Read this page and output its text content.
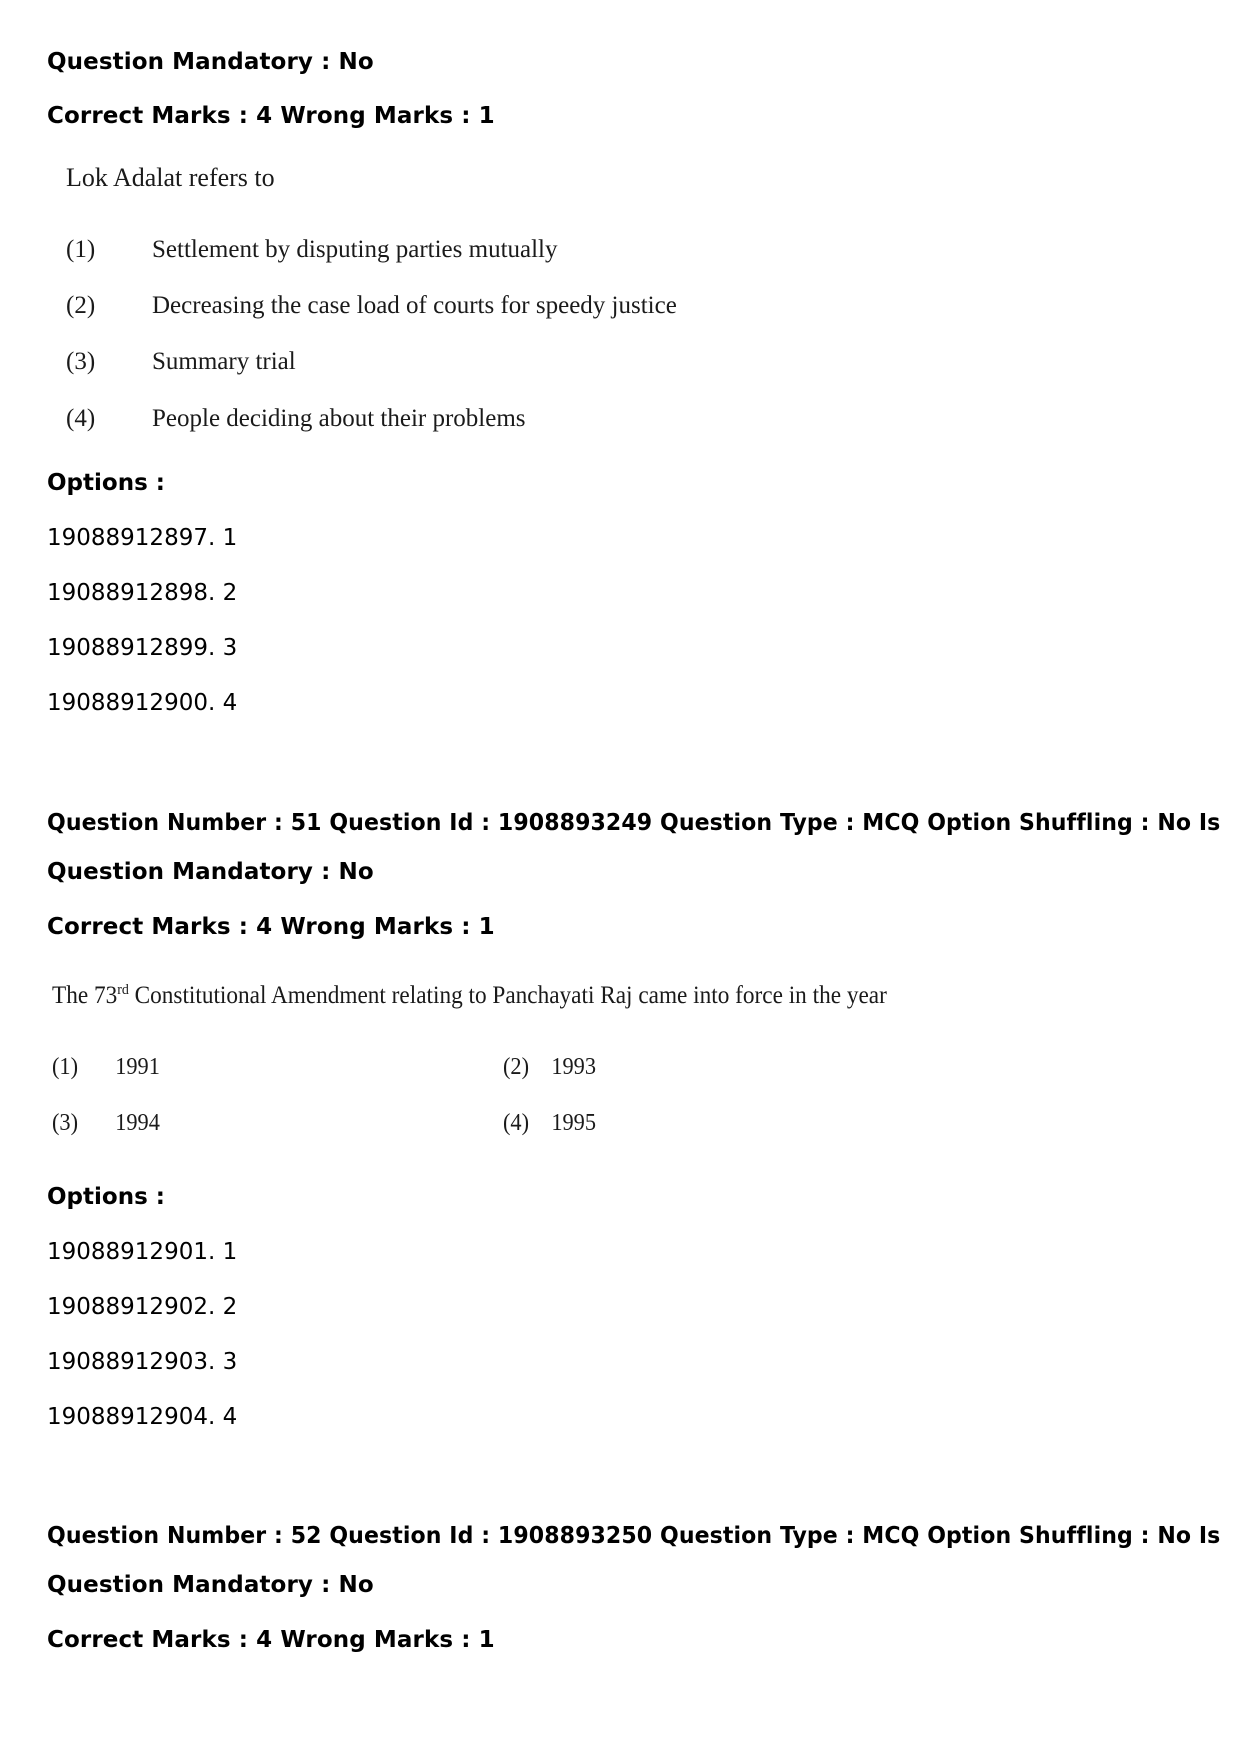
Question Mandatory : No
Correct Marks : 4 Wrong Marks : 1
Lok Adalat refers to
(1) Settlement by disputing parties mutually
(2) Decreasing the case load of courts for speedy justice
(3) Summary trial
(4) People deciding about their problems
Options :
19088912897. 1
19088912898. 2
19088912899. 3
19088912900. 4
Question Number : 51 Question Id : 1908893249 Question Type : MCQ Option Shuffling : No Is
Question Mandatory : No
Correct Marks : 4 Wrong Marks : 1
The 73rd Constitutional Amendment relating to Panchayati Raj came into force in the year
(1) 1991	(2) 1993
(3) 1994	(4) 1995
Options :
19088912901. 1
19088912902. 2
19088912903. 3
19088912904. 4
Question Number : 52 Question Id : 1908893250 Question Type : MCQ Option Shuffling : No Is
Question Mandatory : No
Correct Marks : 4 Wrong Marks : 1
